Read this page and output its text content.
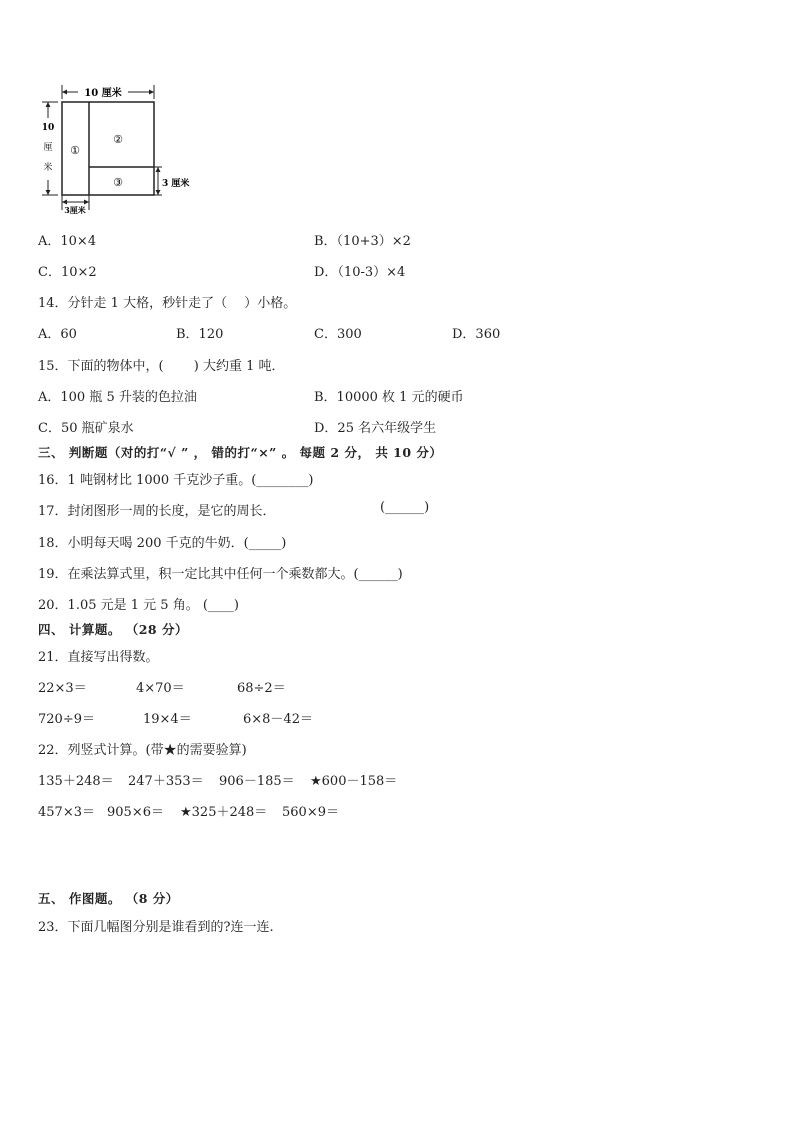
10 厘米
10
厘
米
①
②
③	3 厘米
3厘米
A．10×4	B．（10+3）×2
C．10×2	D．（10-3）×4
14．分针走 1 大格，秒针走了（　 ）小格。
A．60	B．120	C．300	D．360
15．下面的物体中，(　　 ) 大约重 1 吨．
A．100 瓶 5 升装的色拉油	B．10000 枚 1 元的硬币
C．50 瓶矿泉水	D．25 名六年级学生
三、 判断题（对的打“√ ” ， 错的打“×” 。 每题 2 分， 共 10 分）
16．1 吨钢材比 1000 千克沙子重。(________)
17．封闭图形一周的长度，是它的周长．	(______)
18．小明每天喝 200 千克的牛奶．(_____)
19．在乘法算式里，积一定比其中任何一个乘数都大。(______)
20．1.05 元是 1 元 5 角。 (____)
四、 计算题。 （28 分）
21．直接写出得数。
22×3＝	4×70＝	68÷2＝
720÷9＝	19×4＝	6×8－42＝
22．列竖式计算。(带★的需要验算)
135＋248＝ 247＋353＝ 906－185＝ ★600－158＝
457×3＝ 905×6＝ ★325＋248＝ 560×9＝
五、 作图题。 （8 分）
23．下面几幅图分别是谁看到的?连一连.
